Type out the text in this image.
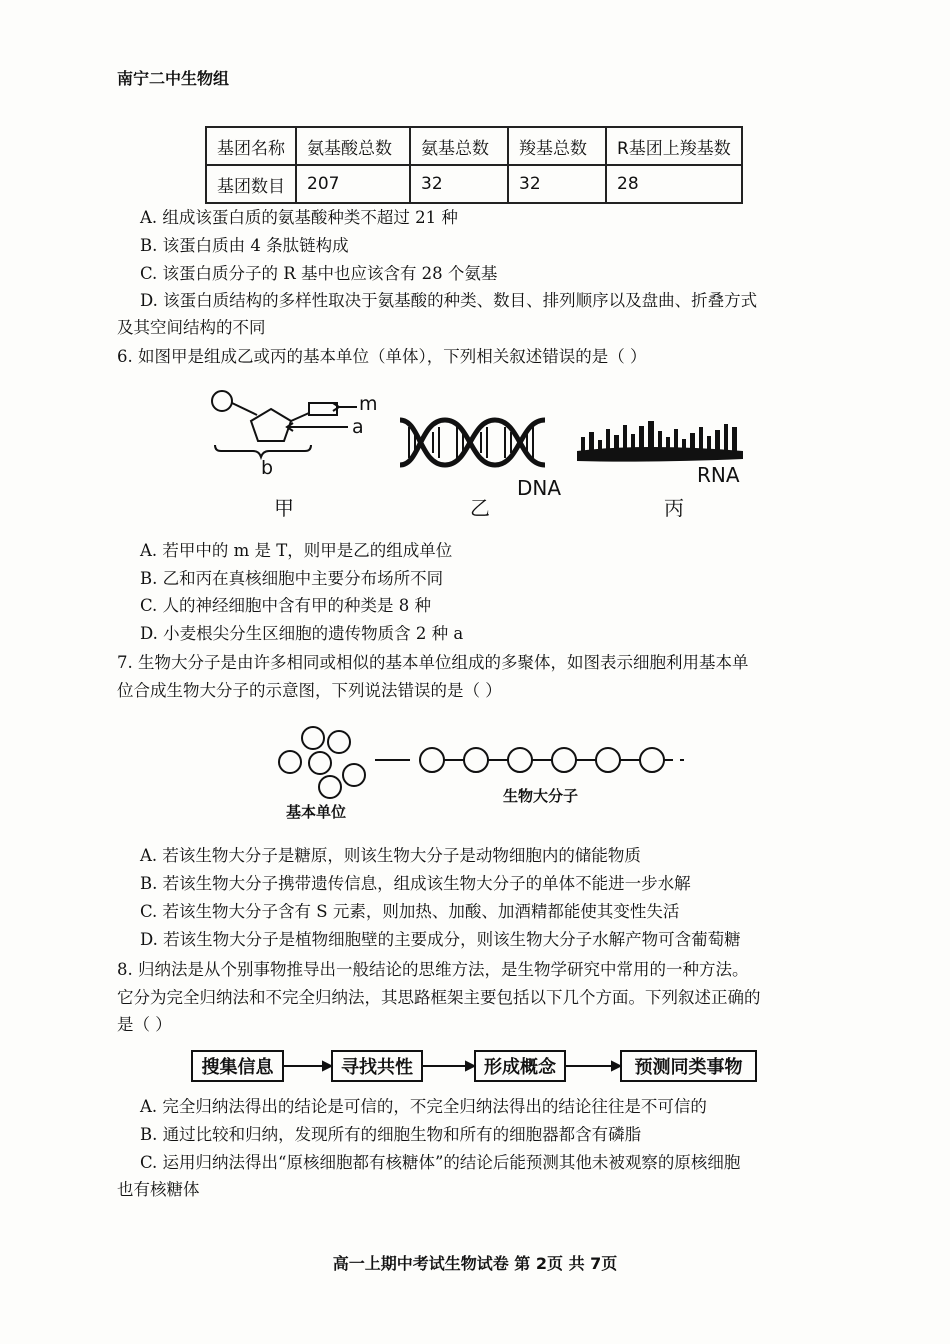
南宁二中生物组
基团名称	氨基酸总数	氨基总数	羧基总数	R基团上羧基数
基团数目	207	32	32	28
A. 组成该蛋白质的氨基酸种类不超过 21 种
B. 该蛋白质由 4 条肽链构成
C. 该蛋白质分子的 R 基中也应该含有 28 个氨基
D. 该蛋白质结构的多样性取决于氨基酸的种类、数目、排列顺序以及盘曲、折叠方式
及其空间结构的不同
6. 如图甲是组成乙或丙的基本单位（单体），下列相关叙述错误的是（ ）
m
a
b
甲	乙
DNA
RNA
丙
A. 若甲中的 m 是 T，则甲是乙的组成单位
B. 乙和丙在真核细胞中主要分布场所不同
C. 人的神经细胞中含有甲的种类是 8 种
D. 小麦根尖分生区细胞的遗传物质含 2 种 a
7. 生物大分子是由许多相同或相似的基本单位组成的多聚体，如图表示细胞利用基本单
位合成生物大分子的示意图，下列说法错误的是（ ）
基本单位
生物大分子
A. 若该生物大分子是糖原，则该生物大分子是动物细胞内的储能物质
B. 若该生物大分子携带遗传信息，组成该生物大分子的单体不能进一步水解
C. 若该生物大分子含有 S 元素，则加热、加酸、加酒精都能使其变性失活
D. 若该生物大分子是植物细胞壁的主要成分，则该生物大分子水解产物可含葡萄糖
8. 归纳法是从个别事物推导出一般结论的思维方法，是生物学研究中常用的一种方法。
它分为完全归纳法和不完全归纳法，其思路框架主要包括以下几个方面。下列叙述正确的
是（ ）
搜集信息	寻找共性	形成概念	预测同类事物
A. 完全归纳法得出的结论是可信的，不完全归纳法得出的结论往往是不可信的
B. 通过比较和归纳，发现所有的细胞生物和所有的细胞器都含有磷脂
C. 运用归纳法得出“原核细胞都有核糖体”的结论后能预测其他未被观察的原核细胞
也有核糖体
高一上期中考试生物试卷 第 2页 共 7页
